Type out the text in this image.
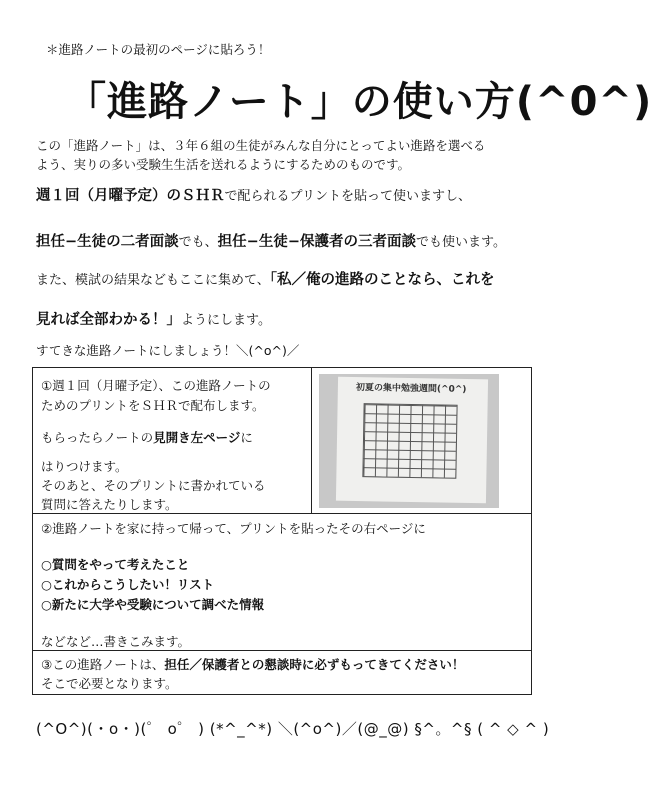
＊進路ノートの最初のページに貼ろう！
「進路ノート」の使い方(^0^)
この「進路ノート」は、３年６組の生徒がみんな自分にとってよい進路を選べる
よう、実りの多い受験生生活を送れるようにするためのものです。
週１回（月曜予定）のＳＨＲで配られるプリントを貼って使いますし、
担任−生徒の二者面談でも、担任−生徒−保護者の三者面談でも使います。
また、模試の結果などもここに集めて、「私／俺の進路のことなら、これを
見れば全部わかる！」ようにします。
すてきな進路ノートにしましょう！＼(^o^)／
①週１回（月曜予定）、この進路ノートの
ためのプリントをＳＨＲで配布します。
もらったらノートの見開き左ページに
はりつけます。
そのあと、そのプリントに書かれている
質問に答えたりします。
初夏の集中勉強週間(^0^)
②進路ノートを家に持って帰って、プリントを貼ったその右ページに
○質問をやって考えたこと
○これからこうしたい！リスト
○新たに大学や受験について調べた情報
などなど…書きこみます。
③この進路ノートは、担任／保護者との懇談時に必ずもってきてください！
そこで必要となります。
(^O^)(・o・)(゜ o゜ ) (*^_^*) ＼(^o^)／(@_@) §^。^§ ( ^ ◇ ^ )
